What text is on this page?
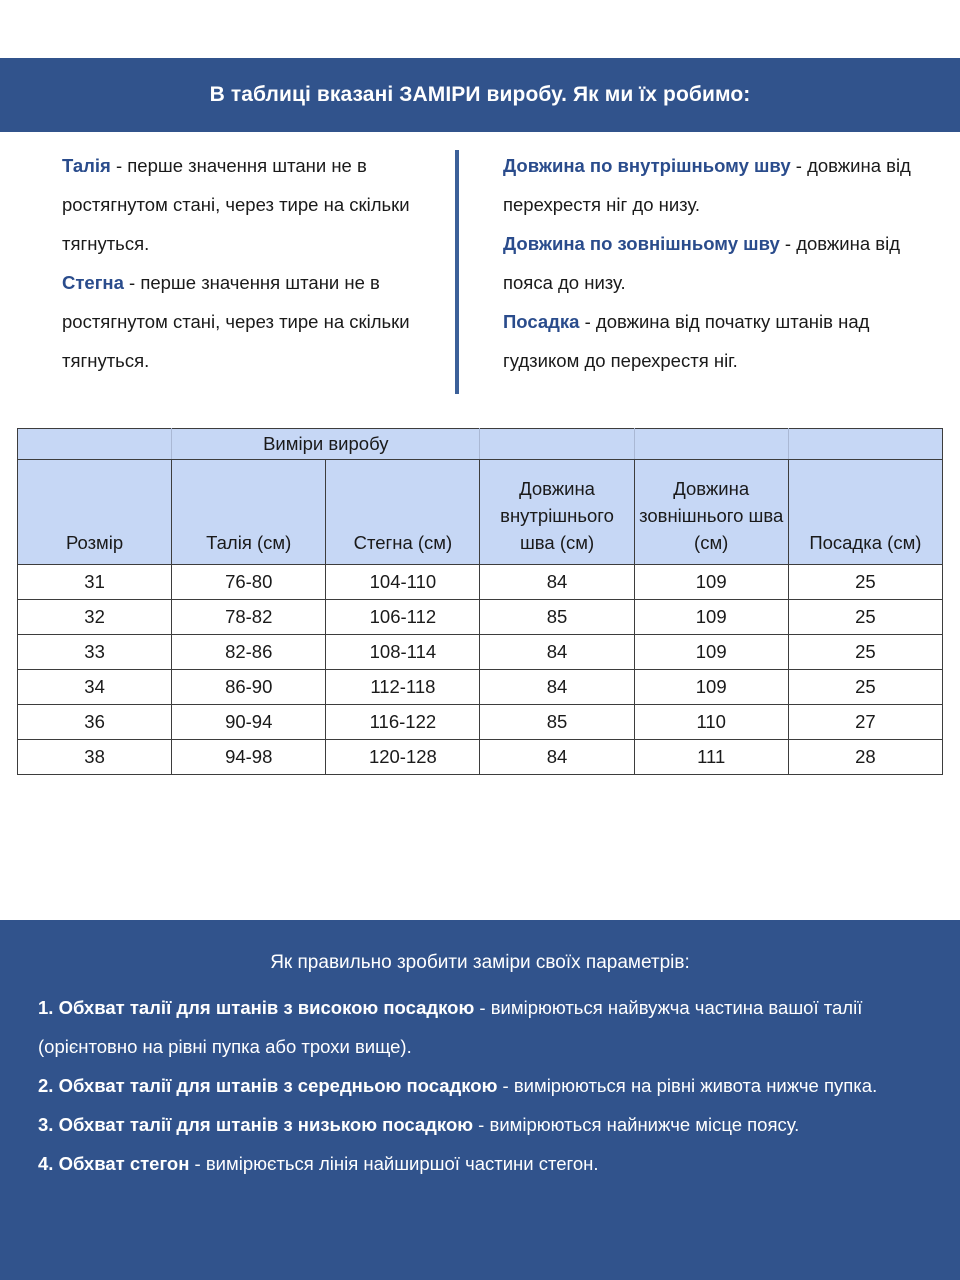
В таблиці вказані ЗАМІРИ виробу. Як ми їх робимо:
Талія - перше значення штани не в ростягнутом стані, через тире на скільки тягнуться.
Стегна - перше значення штани не в ростягнутом стані, через тире на скільки тягнуться.
Довжина по внутрішньому шву - довжина від перехрестя ніг до низу.
Довжина по зовнішньому шву - довжина від пояса до низу.
Посадка - довжина від початку штанів над гудзиком до перехрестя ніг.
	Виміри виробу				
Розмір	Талія (см)	Стегна (см)	Довжина внутрішнього шва (см)	Довжина зовнішнього шва (см)	Посадка (см)
31	76-80	104-110	84	109	25
32	78-82	106-112	85	109	25
33	82-86	108-114	84	109	25
34	86-90	112-118	84	109	25
36	90-94	116-122	85	110	27
38	94-98	120-128	84	111	28
Як правильно зробити заміри своїх параметрів:
1. Обхват талії для штанів з високою посадкою - вимірюються найвужча частина вашої талії (орієнтовно на рівні пупка або трохи вище).
2. Обхват талії для штанів з середньою посадкою - вимірюються на рівні живота нижче пупка.
3. Обхват талії для штанів з низькою посадкою - вимірюються найнижче місце поясу.
4. Обхват стегон - вимірюється лінія найширшої частини стегон.
